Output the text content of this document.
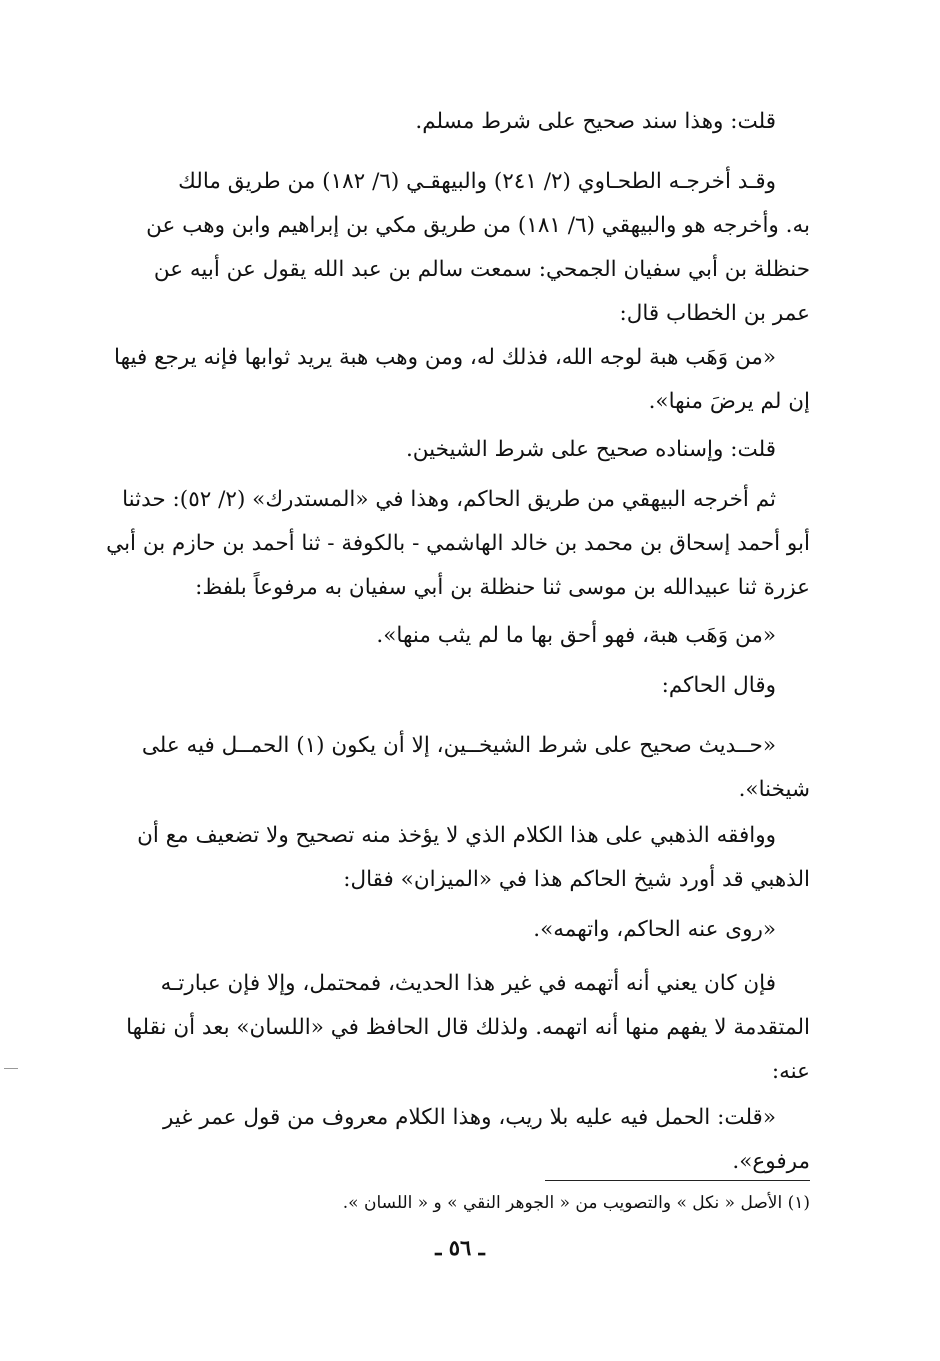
قلت: وهذا سند صحيح على شرط مسلم.

وقـد أخرجـه الطحـاوي (٢/ ٢٤١) والبيهقـي (٦/ ١٨٢) من طريق مالك
به. وأخرجه هو والبيهقي (٦/ ١٨١) من طريق مكي بن إبراهيم وابن وهب عن
حنظلة بن أبي سفيان الجمحي: سمعت سالم بن عبد الله يقول عن أبيه عن
عمر بن الخطاب قال:

«من وَهَب هبة لوجه الله، فذلك له، ومن وهب هبة يريد ثوابها فإنه يرجع فيها
إن لم يرضَ منها».

قلت: وإسناده صحيح على شرط الشيخين.

ثم أخرجه البيهقي من طريق الحاكم، وهذا في «المستدرك» (٢/ ٥٢): حدثنا
أبو أحمد إسحاق بن محمد بن خالد الهاشمي - بالكوفة - ثنا أحمد بن حازم بن أبي
عزرة ثنا عبيدالله بن موسى ثنا حنظلة بن أبي سفيان به مرفوعاً بلفظ:

«من وَهَب هبة، فهو أحق بها ما لم يثب منها».

وقال الحاكم:

«حــديث صحيح على شرط الشيخــين، إلا أن يكون (١) الحمــل فيه على
شيخنا».

ووافقه الذهبي على هذا الكلام الذي لا يؤخذ منه تصحيح ولا تضعيف مع أن
الذهبي قد أورد شيخ الحاكم هذا في «الميزان» فقال:

«روى عنه الحاكم، واتهمه».

فإن كان يعني أنه أتهمه في غير هذا الحديث، فمحتمل، وإلا فإن عبارتـه
المتقدمة لا يفهم منها أنه اتهمه. ولذلك قال الحافظ في «اللسان» بعد أن نقلها
عنه:

«قلت: الحمل فيه عليه بلا ريب، وهذا الكلام معروف من قول عمر غير
مرفوع».

(١) الأصل « نكل » والتصويب من « الجوهر النقي » و « اللسان ».
ـ ٥٦ ـ
